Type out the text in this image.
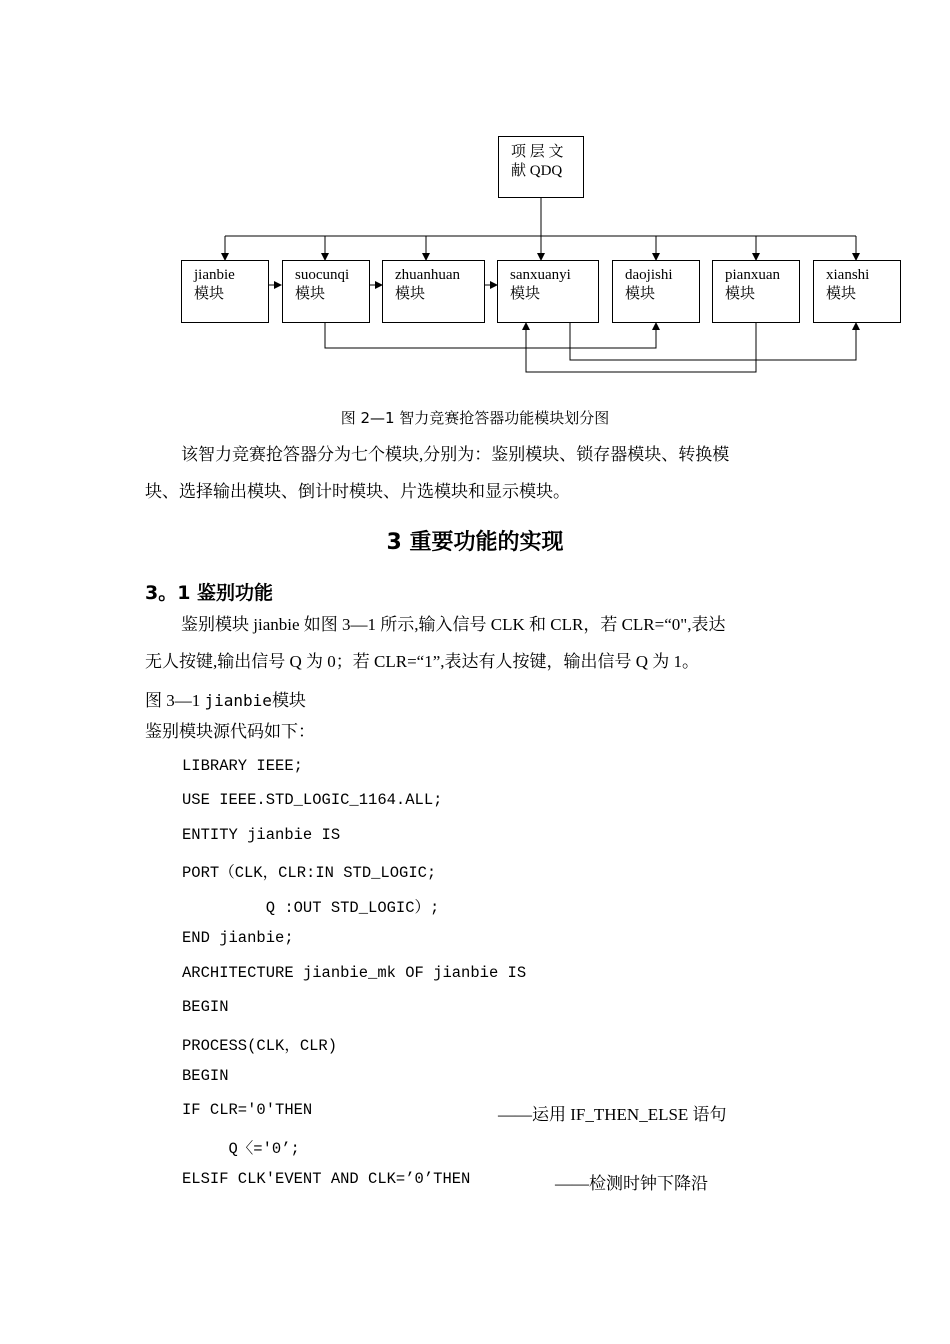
项 层 文
献 QDQ
jianbie
模块
suocunqi
模块
zhuanhuan
模块
sanxuanyi
模块
daojishi
模块
pianxuan
模块
xianshi
模块
图 2—1 智力竞赛抢答器功能模块划分图
该智力竞赛抢答器分为七个模块,分别为：鉴别模块、锁存器模块、转换模
块、选择输出模块、倒计时模块、片选模块和显示模块。
3 重要功能的实现
3。1 鉴别功能
鉴别模块 jianbie 如图 3—1 所示,输入信号 CLK 和 CLR，若 CLR=“0",表达
无人按键,输出信号 Q 为 0；若 CLR=“1”,表达有人按键，输出信号 Q 为 1。
图 3—1 jianbie模块
鉴别模块源代码如下：
LIBRARY IEEE;
USE IEEE.STD_LOGIC_1164.ALL;
ENTITY jianbie IS
PORT（CLK，CLR:IN STD_LOGIC;
Q :OUT STD_LOGIC）;
END jianbie;
ARCHITECTURE jianbie_mk OF jianbie IS
BEGIN
PROCESS(CLK，CLR)
BEGIN
IF CLR='0'THEN	——运用 IF_THEN_ELSE 语句
Q〈='0’;
ELSIF CLK'EVENT AND CLK=’0’THEN	——检测时钟下降沿
